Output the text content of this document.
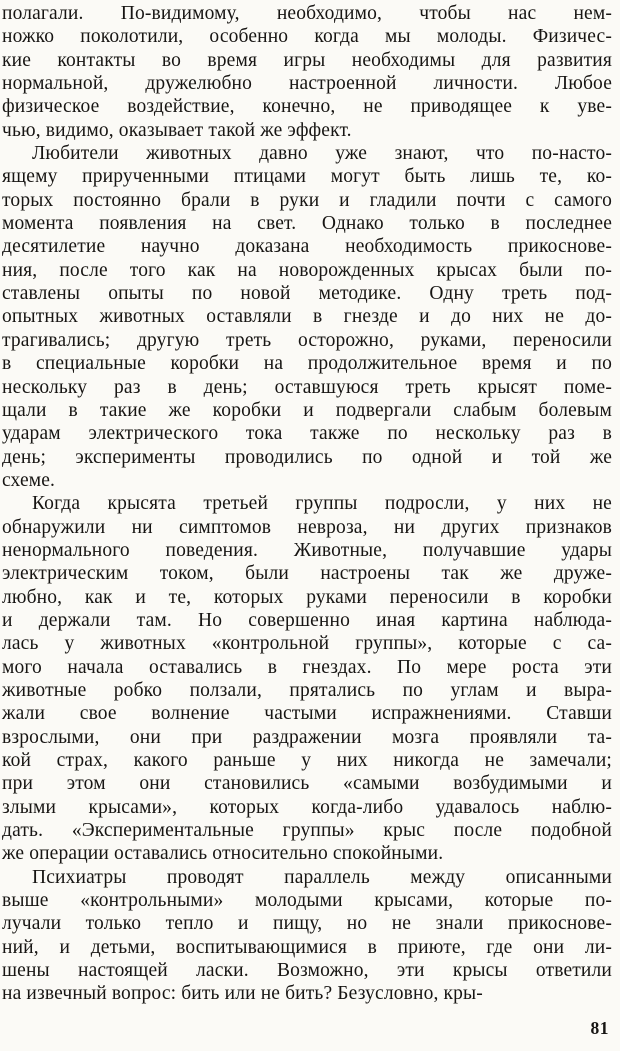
полагали. По-видимому, необходимо, чтобы нас нем-
ножко поколотили, особенно когда мы молоды. Физичес-
кие контакты во время игры необходимы для развития
нормальной, дружелюбно настроенной личности. Любое
физическое воздействие, конечно, не приводящее к уве-
чью, видимо, оказывает такой же эффект.

Любители животных давно уже знают, что по-насто-
ящему прирученными птицами могут быть лишь те, ко-
торых постоянно брали в руки и гладили почти с самого
момента появления на свет. Однако только в последнее
десятилетие научно доказана необходимость прикоснове-
ния, после того как на новорожденных крысах были по-
ставлены опыты по новой методике. Одну треть под-
опытных животных оставляли в гнезде и до них не до-
трагивались; другую треть осторожно, руками, переносили
в специальные коробки на продолжительное время и по
нескольку раз в день; оставшуюся треть крысят поме-
щали в такие же коробки и подвергали слабым болевым
ударам электрического тока также по нескольку раз в
день; эксперименты проводились по одной и той же
схеме.

Когда крысята третьей группы подросли, у них не
обнаружили ни симптомов невроза, ни других признаков
ненормального поведения. Животные, получавшие удары
электрическим током, были настроены так же друже-
любно, как и те, которых руками переносили в коробки
и держали там. Но совершенно иная картина наблюда-
лась у животных «контрольной группы», которые с са-
мого начала оставались в гнездах. По мере роста эти
животные робко ползали, прятались по углам и выра-
жали свое волнение частыми испражнениями. Ставши
взрослыми, они при раздражении мозга проявляли та-
кой страх, какого раньше у них никогда не замечали;
при этом они становились «самыми возбудимыми и
злыми крысами», которых когда-либо удавалось наблю-
дать. «Экспериментальные группы» крыс после подобной
же операции оставались относительно спокойными.

Психиатры проводят параллель между описанными
выше «контрольными» молодыми крысами, которые по-
лучали только тепло и пищу, но не знали прикоснове-
ний, и детьми, воспитывающимися в приюте, где они ли-
шены настоящей ласки. Возможно, эти крысы ответили
на извечный вопрос: бить или не бить? Безусловно, кры-

81
